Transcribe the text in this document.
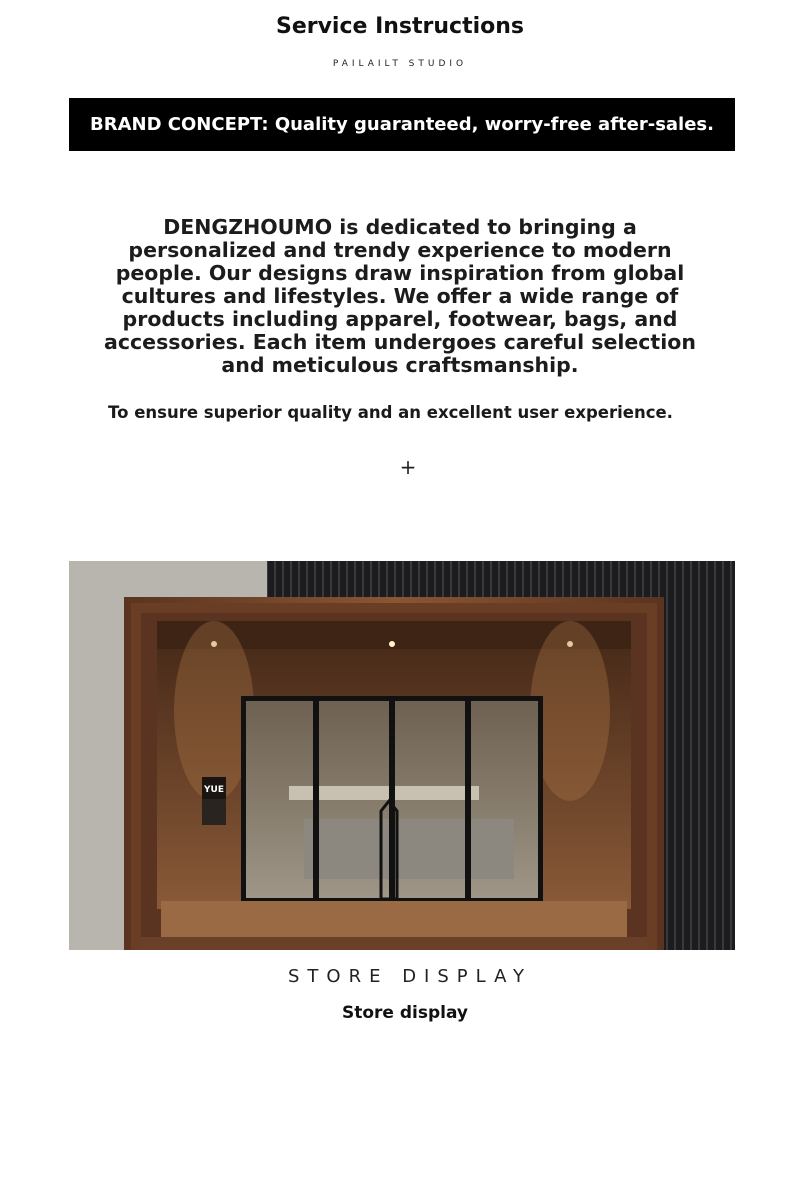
Service Instructions
PAILAILT STUDIO
BRAND CONCEPT: Quality guaranteed, worry-free after-sales.
DENGZHOUMO is dedicated to bringing a personalized and trendy experience to modern people. Our designs draw inspiration from global cultures and lifestyles. We offer a wide range of products including apparel, footwear, bags, and accessories. Each item undergoes careful selection and meticulous craftsmanship.
To ensure superior quality and an excellent user experience.
+
YUE
STORE DISPLAY
Store display
